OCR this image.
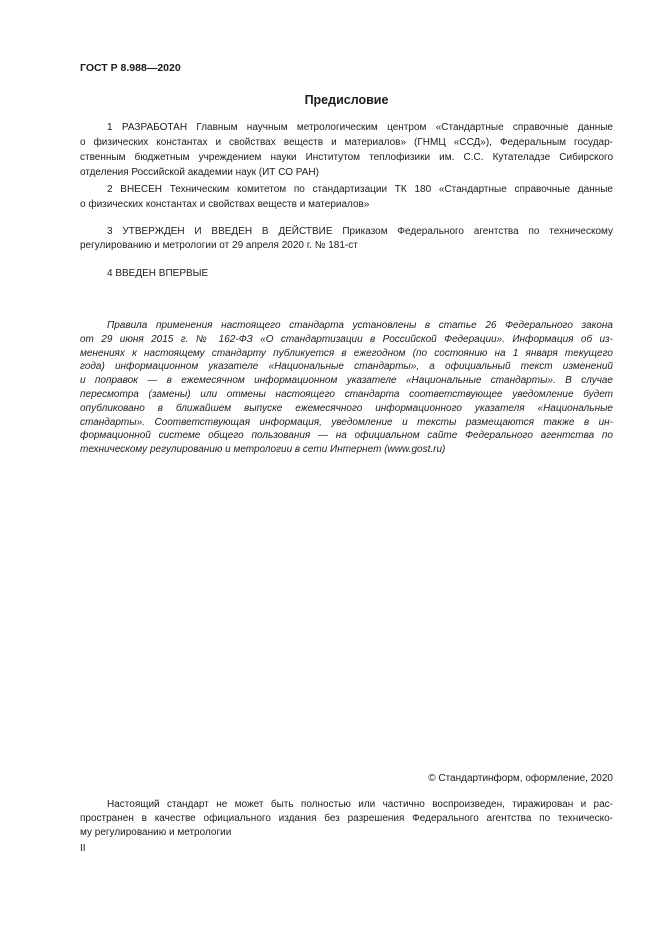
ГОСТ Р 8.988—2020
Предисловие
1 РАЗРАБОТАН Главным научным метрологическим центром «Стандартные справочные данные
о физических константах и свойствах веществ и материалов» (ГНМЦ «ССД»), Федеральным государ-
ственным бюджетным учреждением науки Институтом теплофизики им. С.С. Кутателадзе Сибирского
отделения Российской академии наук (ИТ СО РАН)
2 ВНЕСЕН Техническим комитетом по стандартизации ТК 180 «Стандартные справочные данные
о физических константах и свойствах веществ и материалов»
3 УТВЕРЖДЕН И ВВЕДЕН В ДЕЙСТВИЕ Приказом Федерального агентства по техническому
регулированию и метрологии от 29 апреля 2020 г. № 181-ст
4 ВВЕДЕН ВПЕРВЫЕ
Правила применения настоящего стандарта установлены в статье 26 Федерального закона
от 29 июня 2015 г. № 162-ФЗ «О стандартизации в Российской Федерации». Информация об из-
менениях к настоящему стандарту публикуется в ежегодном (по состоянию на 1 января текущего
года) информационном указателе «Национальные стандарты», а официальный текст изменений
и поправок — в ежемесячном информационном указателе «Национальные стандарты». В случае
пересмотра (замены) или отмены настоящего стандарта соответствующее уведомление будет
опубликовано в ближайшем выпуске ежемесячного информационного указателя «Национальные
стандарты». Соответствующая информация, уведомление и тексты размещаются также в ин-
формационной системе общего пользования — на официальном сайте Федерального агентства по
техническому регулированию и метрологии в сети Интернет (www.gost.ru)
© Стандартинформ, оформление, 2020
Настоящий стандарт не может быть полностью или частично воспроизведен, тиражирован и рас-
пространен в качестве официального издания без разрешения Федерального агентства по техническо-
му регулированию и метрологии
II
